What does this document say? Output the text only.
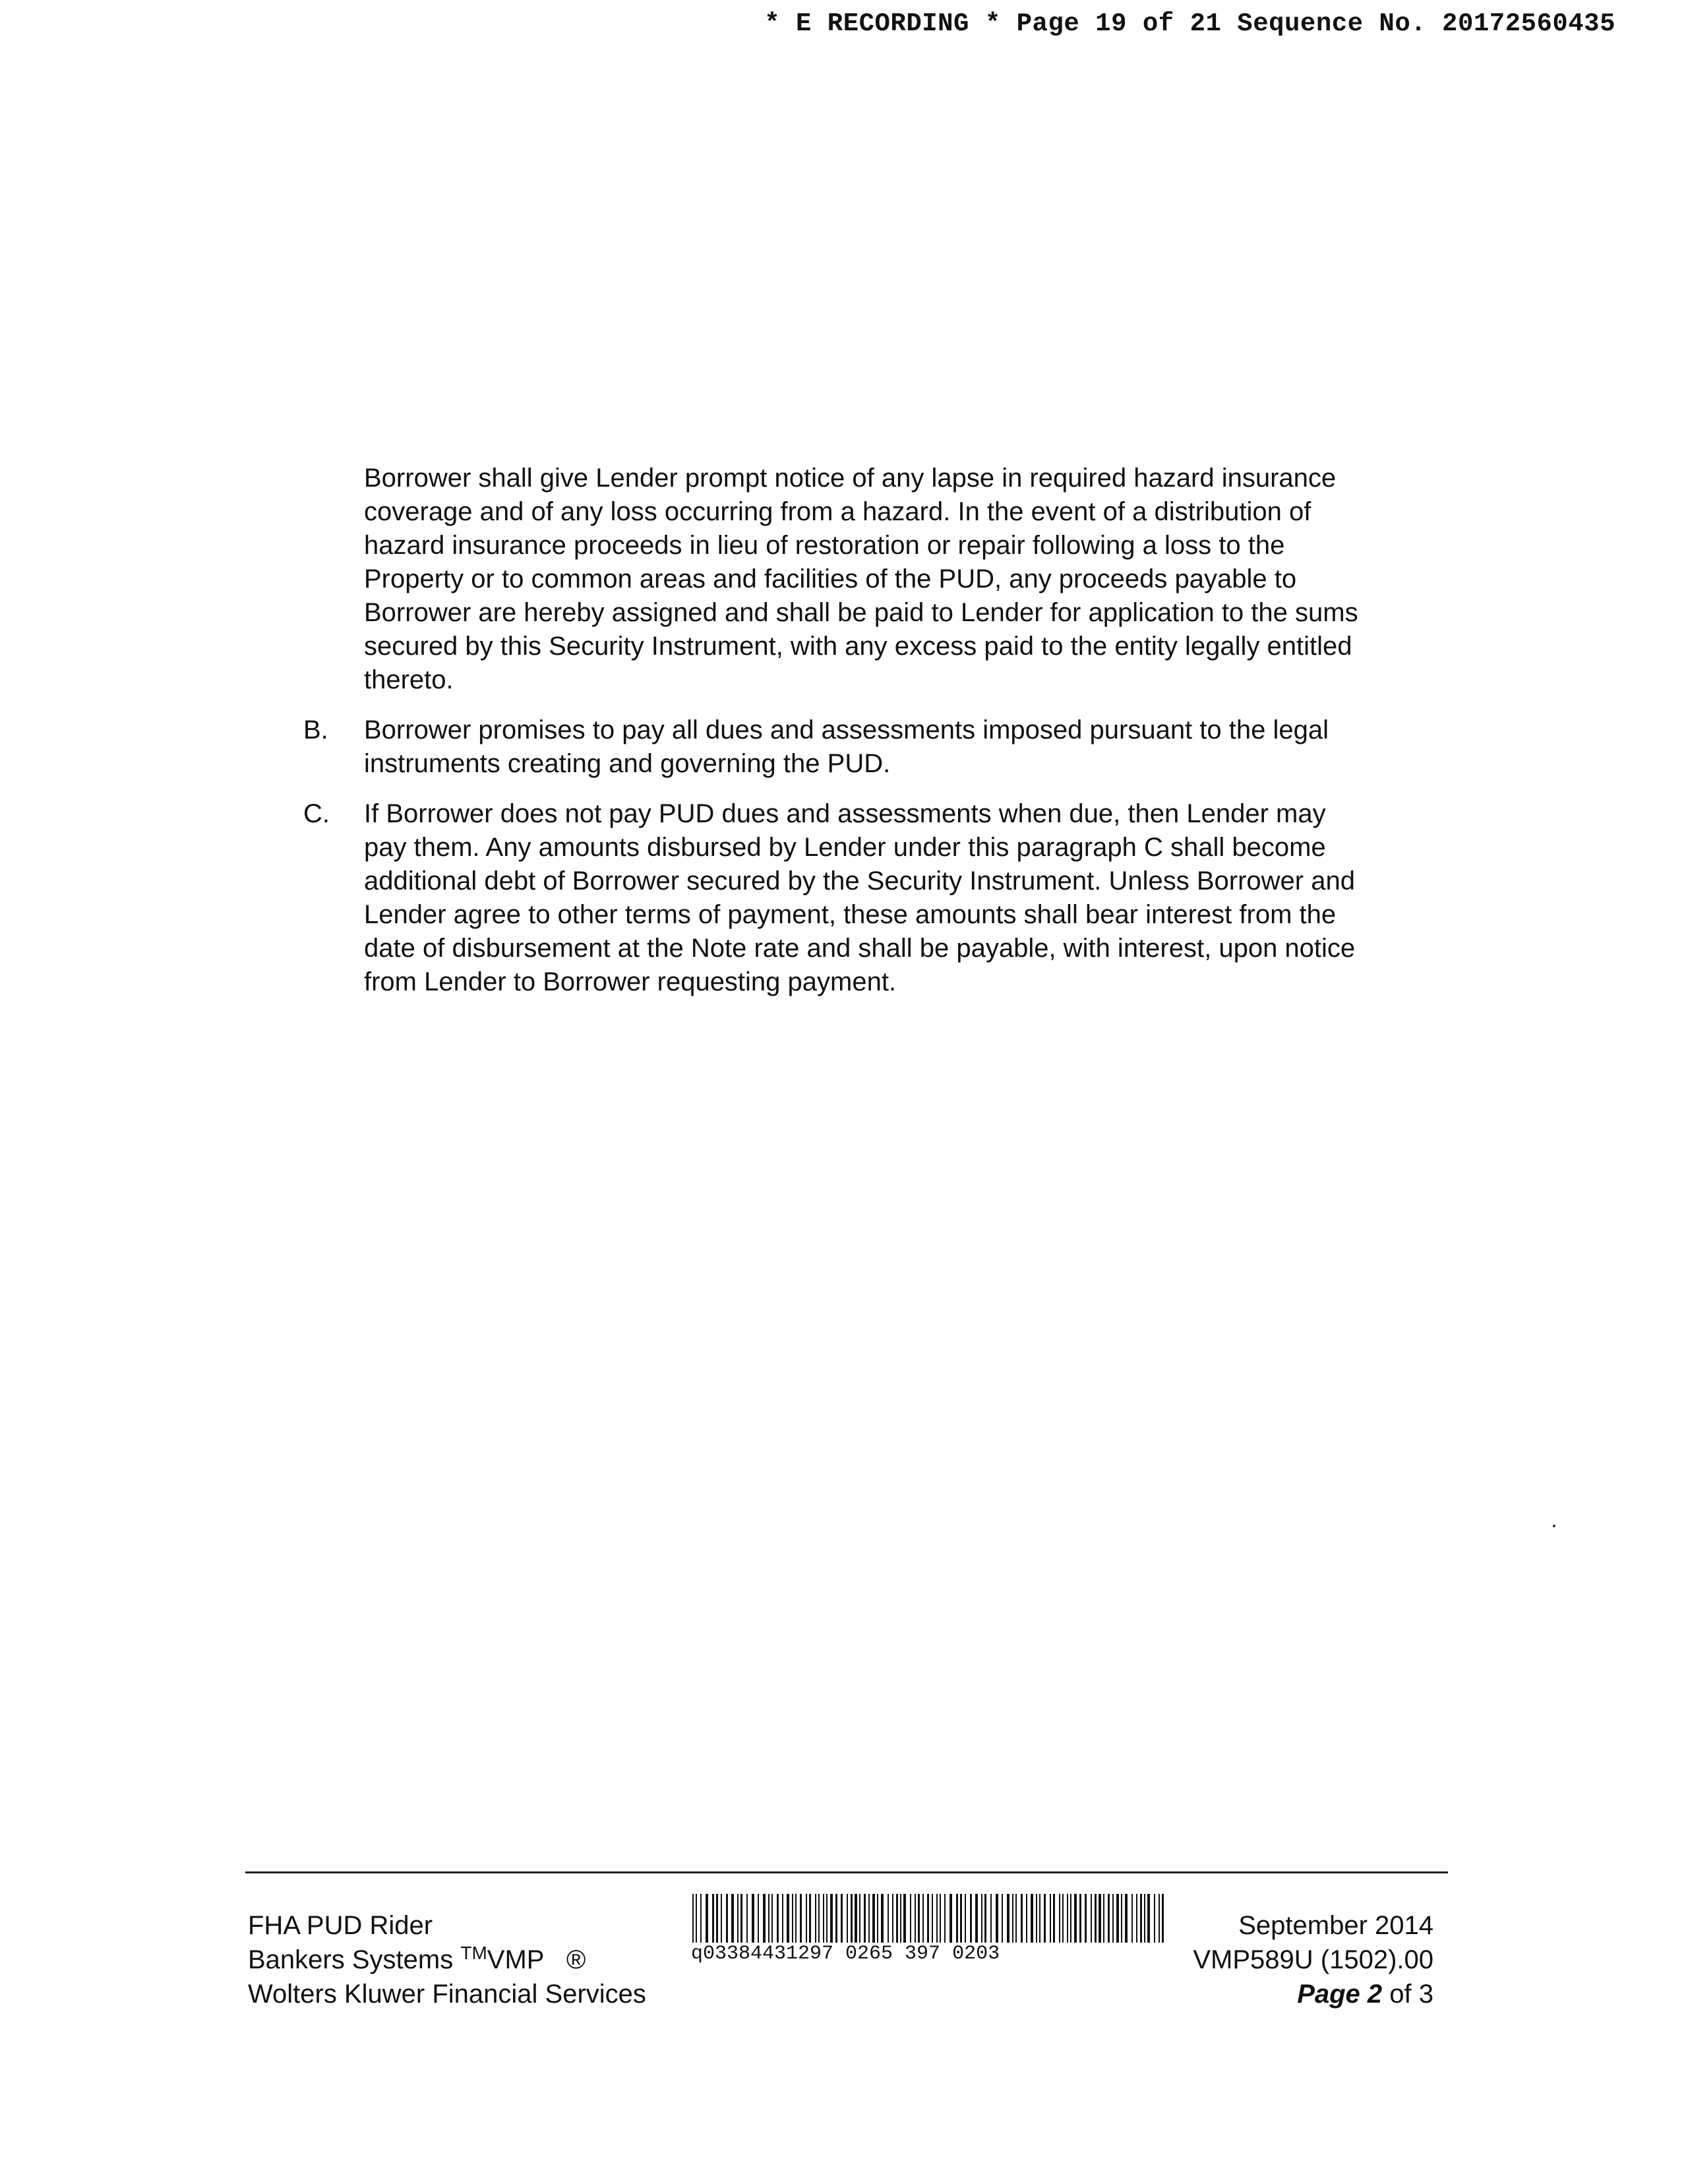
* E RECORDING * Page 19 of 21 Sequence No. 20172560435

Borrower shall give Lender prompt notice of any lapse in required hazard insurance coverage and of any loss occurring from a hazard. In the event of a distribution of hazard insurance proceeds in lieu of restoration or repair following a loss to the Property or to common areas and facilities of the PUD, any proceeds payable to Borrower are hereby assigned and shall be paid to Lender for application to the sums secured by this Security Instrument, with any excess paid to the entity legally entitled thereto.

B. Borrower promises to pay all dues and assessments imposed pursuant to the legal instruments creating and governing the PUD.
C. If Borrower does not pay PUD dues and assessments when due, then Lender may pay them. Any amounts disbursed by Lender under this paragraph C shall become additional debt of Borrower secured by the Security Instrument. Unless Borrower and Lender agree to other terms of payment, these amounts shall bear interest from the date of disbursement at the Note rate and shall be payable, with interest, upon notice from Lender to Borrower requesting payment.
FHA PUD Rider
Bankers Systems ™VMP ®
Wolters Kluwer Financial Services
q03384431297 0265 397 0203
September 2014
VMP589U (1502).00
Page 2 of 3
